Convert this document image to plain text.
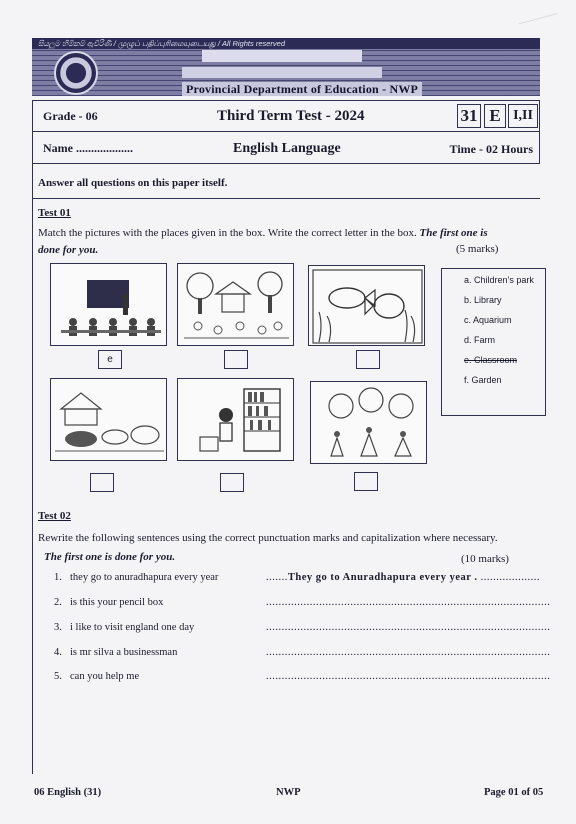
සියලුම හිමිකම් ඇවිරිණි / முழுப் பதிப்புரிமையுடையது / All Rights reserved
Provincial Department of Education - NWP
Grade - 06	Third Term Test - 2024	31 E I,II
Name ...................	English Language	Time - 02 Hours
Answer all questions on this paper itself.
Test 01
Match the pictures with the places given in the box. Write the correct letter in the box. The first one is done for you.	(5 marks)
e
a. Children’s park
b. Library
c. Aquarium
d. Farm
e. Classroom
f. Garden
Test 02
Rewrite the following sentences using the correct punctuation marks and capitalization where necessary.
The first one is done for you.	(10 marks)
1. they go to anuradhapura every year	.......They go to Anuradhapura every year . ...................
2. is this your pencil box	...........................................................................................
3. i like to visit england one day	...........................................................................................
4. is mr silva a businessman	...........................................................................................
5. can you help me	...........................................................................................
06 English (31)	NWP	Page 01 of 05
